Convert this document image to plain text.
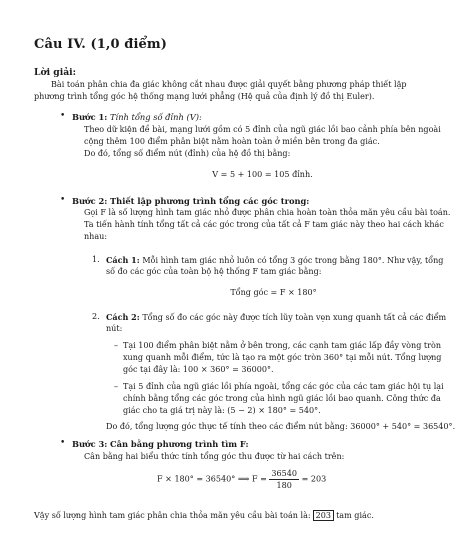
Câu IV. (1,0 điểm)
Lời giải:
Bài toán phân chia đa giác không cắt nhau được giải quyết bằng phương pháp thiết lập
phương trình tổng góc hệ thống mạng lưới phẳng (Hệ quả của định lý đồ thị Euler).
• Bước 1: Tính tổng số đỉnh (V):
Theo dữ kiện đề bài, mạng lưới gồm có 5 đỉnh của ngũ giác lồi bao cảnh phía bên ngoài
cộng thêm 100 điểm phân biệt nằm hoàn toàn ở miền bên trong đa giác.
Do đó, tổng số điểm nút (đỉnh) của hệ đồ thị bằng:
V = 5 + 100 = 105 đỉnh.
• Bước 2: Thiết lập phương trình tổng các góc trong:
Gọi F là số lượng hình tam giác nhỏ được phân chia hoàn toàn thỏa mãn yêu cầu bài toán.
Ta tiến hành tính tổng tất cả các góc trong của tất cả F tam giác này theo hai cách khác
nhau:
1. Cách 1: Mỗi hình tam giác nhỏ luôn có tổng 3 góc trong bằng 180°. Như vậy, tổng
số đo các góc của toàn bộ hệ thống F tam giác bằng:
Tổng góc = F × 180°
2. Cách 2: Tổng số đo các góc này được tích lũy toàn vẹn xung quanh tất cả các điểm
nút:
– Tại 100 điểm phân biệt nằm ở bên trong, các cạnh tam giác lấp đầy vòng tròn
xung quanh mỗi điểm, tức là tạo ra một góc tròn 360° tại mỗi nút. Tổng lượng
góc tại đây là: 100 × 360° = 36000°.
– Tại 5 đỉnh của ngũ giác lồi phía ngoài, tổng các góc của các tam giác hội tụ lại
chính bằng tổng các góc trong của hình ngũ giác lồi bao quanh. Công thức đa
giác cho ta giá trị này là: (5 − 2) × 180° = 540°.
Do đó, tổng lượng góc thực tế tính theo các điểm nút bằng: 36000° + 540° = 36540°.
• Bước 3: Cân bằng phương trình tìm F:
Cân bằng hai biểu thức tính tổng góc thu được từ hai cách trên:
F × 180° = 36540° ⟹ $F = \frac{36540}{180} = 203$
Vậy số lượng hình tam giác phân chia thỏa mãn yêu cầu bài toán là: 203 tam giác.
